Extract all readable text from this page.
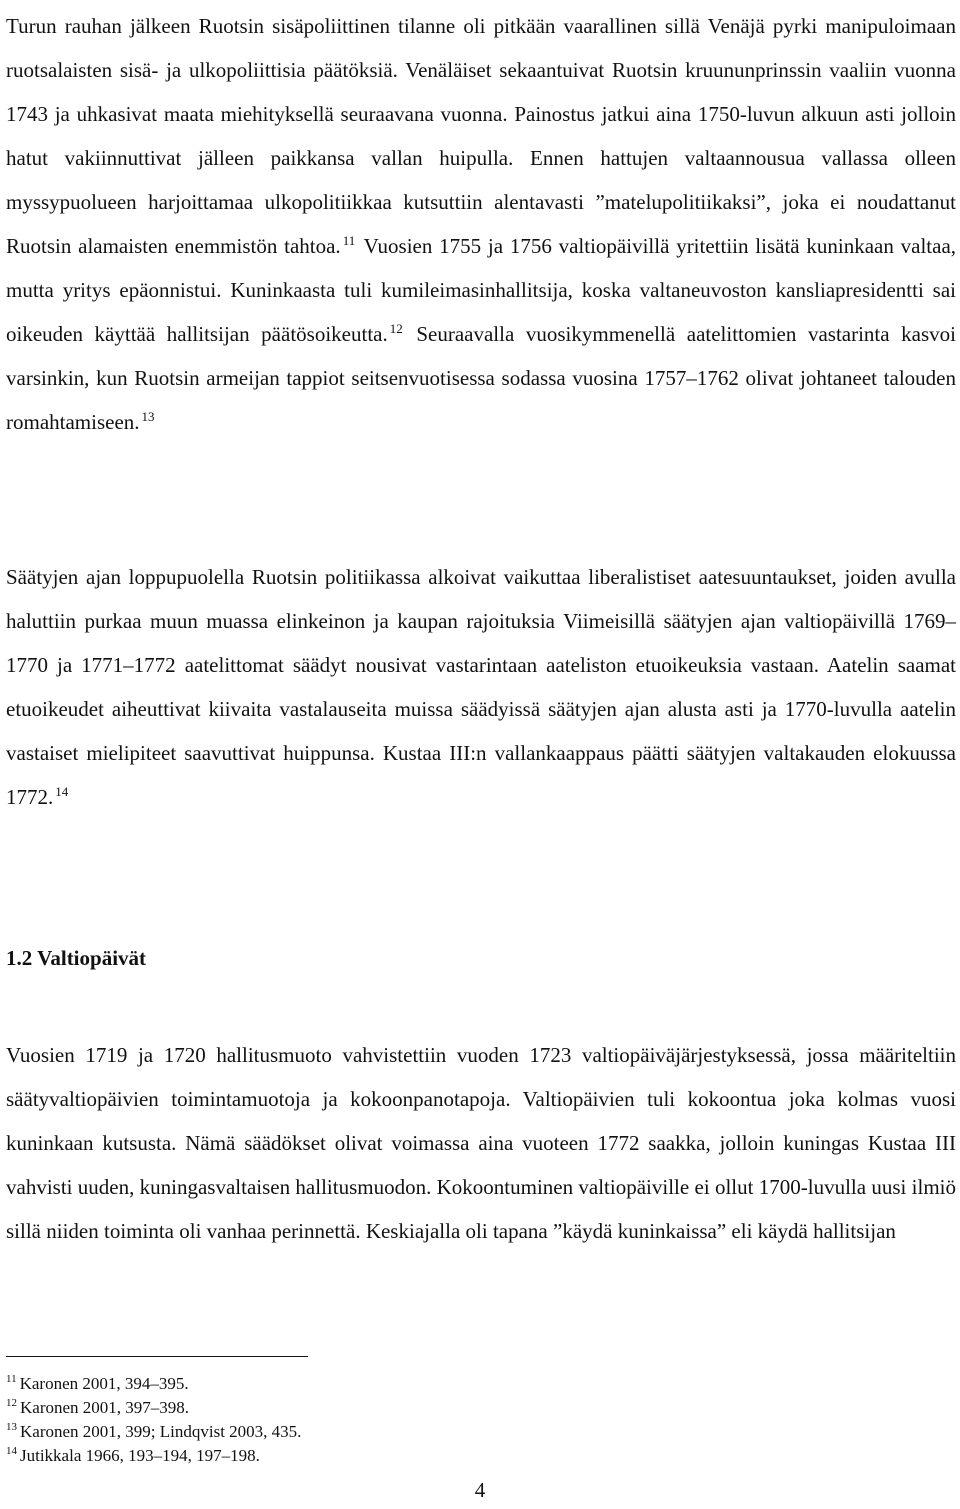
Turun rauhan jälkeen Ruotsin sisäpoliittinen tilanne oli pitkään vaarallinen sillä Venäjä pyrki manipuloimaan ruotsalaisten sisä- ja ulkopoliittisia päätöksiä. Venäläiset sekaantuivat Ruotsin kruununprinssin vaaliin vuonna 1743 ja uhkasivat maata miehityksellä seuraavana vuonna. Painostus jatkui aina 1750-luvun alkuun asti jolloin hatut vakiinnuttivat jälleen paikkansa vallan huipulla. Ennen hattujen valtaannousua vallassa olleen myssypuolueen harjoittamaa ulkopolitiikkaa kutsuttiin alentavasti ”matelupolitiikaksi”, joka ei noudattanut Ruotsin alamaisten enemmistön tahtoa. $^{11}$ Vuosien 1755 ja 1756 valtiopäivillä yritettiin lisätä kuninkaan valtaa, mutta yritys epäonnistui. Kuninkaasta tuli kumileimasinhallitsija, koska valtaneuvoston kansliapresidentti sai oikeuden käyttää hallitsijan päätösoikeutta. $^{12}$ Seuraavalla vuosikymmenellä aatelittomien vastarinta kasvoi varsinkin, kun Ruotsin armeijan tappiot seitsenvuotisessa sodassa vuosina 1757–1762 olivat johtaneet talouden romahtamiseen. $^{13}$

Säätyjen ajan loppupuolella Ruotsin politiikassa alkoivat vaikuttaa liberalistiset aatesuuntaukset, joiden avulla haluttiin purkaa muun muassa elinkeinon ja kaupan rajoituksia Viimeisillä säätyjen ajan valtiopäivillä 1769–1770 ja 1771–1772 aatelittomat säädyt nousivat vastarintaan aateliston etuoikeuksia vastaan. Aatelin saamat etuoikeudet aiheuttivat kiivaita vastalauseita muissa säädyissä säätyjen ajan alusta asti ja 1770-luvulla aatelin vastaiset mielipiteet saavuttivat huippunsa. Kustaa III:n vallankaappaus päätti säätyjen valtakauden elokuussa 1772. $^{14}$

1.2 Valtiopäivät

Vuosien 1719 ja 1720 hallitusmuoto vahvistettiin vuoden 1723 valtiopäiväjärjestyksessä, jossa määriteltiin säätyvaltiopäivien toimintamuotoja ja kokoonpanotapoja. Valtiopäivien tuli kokoontua joka kolmas vuosi kuninkaan kutsusta. Nämä säädökset olivat voimassa aina vuoteen 1772 saakka, jolloin kuningas Kustaa III vahvisti uuden, kuningasvaltaisen hallitusmuodon. Kokoontuminen valtiopäiville ei ollut 1700-luvulla uusi ilmiö sillä niiden toiminta oli vanhaa perinnettä. Keskiajalla oli tapana ”käydä kuninkaissa” eli käydä hallitsijan

$^{11}$ Karonen 2001, 394–395.
$^{12}$ Karonen 2001, 397–398.
$^{13}$ Karonen 2001, 399; Lindqvist 2003, 435.
$^{14}$ Jutikkala 1966, 193–194, 197–198.
4
